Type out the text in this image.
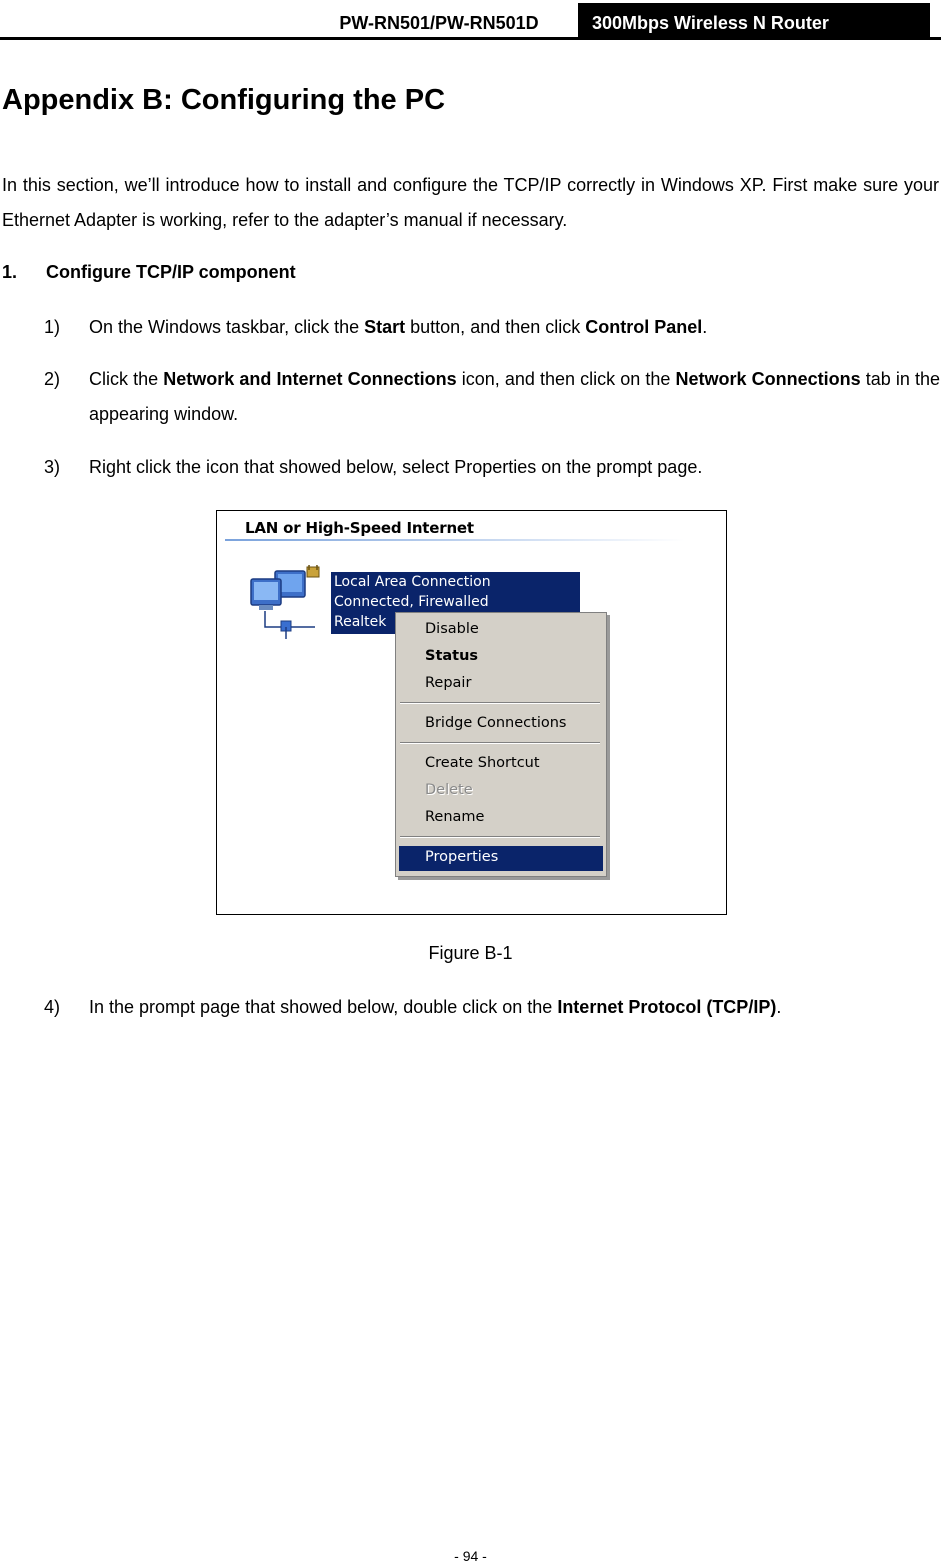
PW-RN501/PW-RN501D	300Mbps Wireless N Router
Appendix B: Configuring the PC

In this section, we’ll introduce how to install and configure the TCP/IP correctly in Windows XP. First make sure your Ethernet Adapter is working, refer to the adapter’s manual if necessary.

1. Configure TCP/IP component
1) On the Windows taskbar, click the Start button, and then click Control Panel.
2) Click the Network and Internet Connections icon, and then click on the Network Connections tab in the appearing window.
3) Right click the icon that showed below, select Properties on the prompt page.
LAN or High-Speed Internet
Local Area Connection
Connected, Firewalled
Realtek	Disable
Status
Repair
Bridge Connections
Create Shortcut
Delete
Rename
Properties
Figure B-1
4) In the prompt page that showed below, double click on the Internet Protocol (TCP/IP).
- 94 -
